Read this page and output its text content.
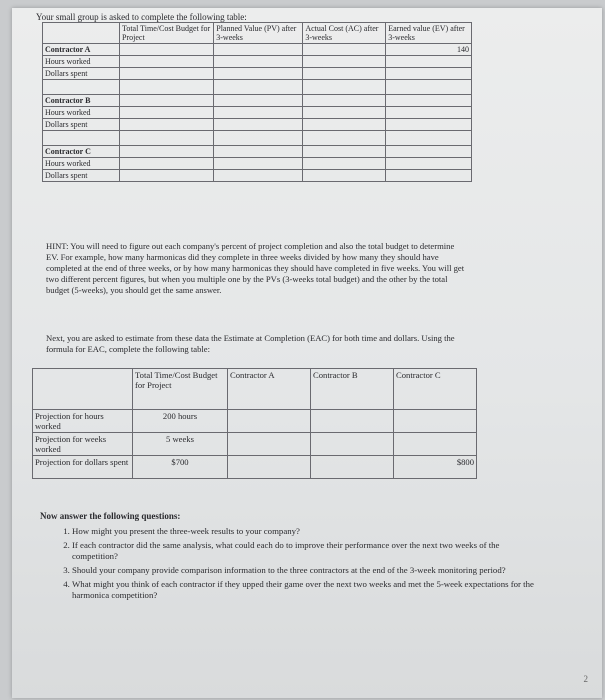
Your small group is asked to complete the following table:
	Total Time/Cost Budget for Project	Planned Value (PV) after 3-weeks	Actual Cost (AC) after 3-weeks	Earned value (EV) after 3-weeks
Contractor A				140
Hours worked				
Dollars spent				

Contractor B				
Hours worked				
Dollars spent				

Contractor C				
Hours worked				
Dollars spent				
HINT: You will need to figure out each company's percent of project completion and also the total budget to determine EV. For example, how many harmonicas did they complete in three weeks divided by how many they should have completed at the end of three weeks, or by how many harmonicas they should have completed in five weeks. You will get two different percent figures, but when you multiple one by the PVs (3-weeks total budget) and the other by the total budget (5-weeks), you should get the same answer.
Next, you are asked to estimate from these data the Estimate at Completion (EAC) for both time and dollars. Using the formula for EAC, complete the following table:
	Total Time/Cost Budget for Project	Contractor A	Contractor B	Contractor C
Projection for hours worked	200 hours			
Projection for weeks worked	5 weeks			
Projection for dollars spent	$700			$800
Now answer the following questions:
1. How might you present the three-week results to your company?
2. If each contractor did the same analysis, what could each do to improve their performance over the next two weeks of the competition?
3. Should your company provide comparison information to the three contractors at the end of the 3-week monitoring period?
4. What might you think of each contractor if they upped their game over the next two weeks and met the 5-week expectations for the harmonica competition?
2
